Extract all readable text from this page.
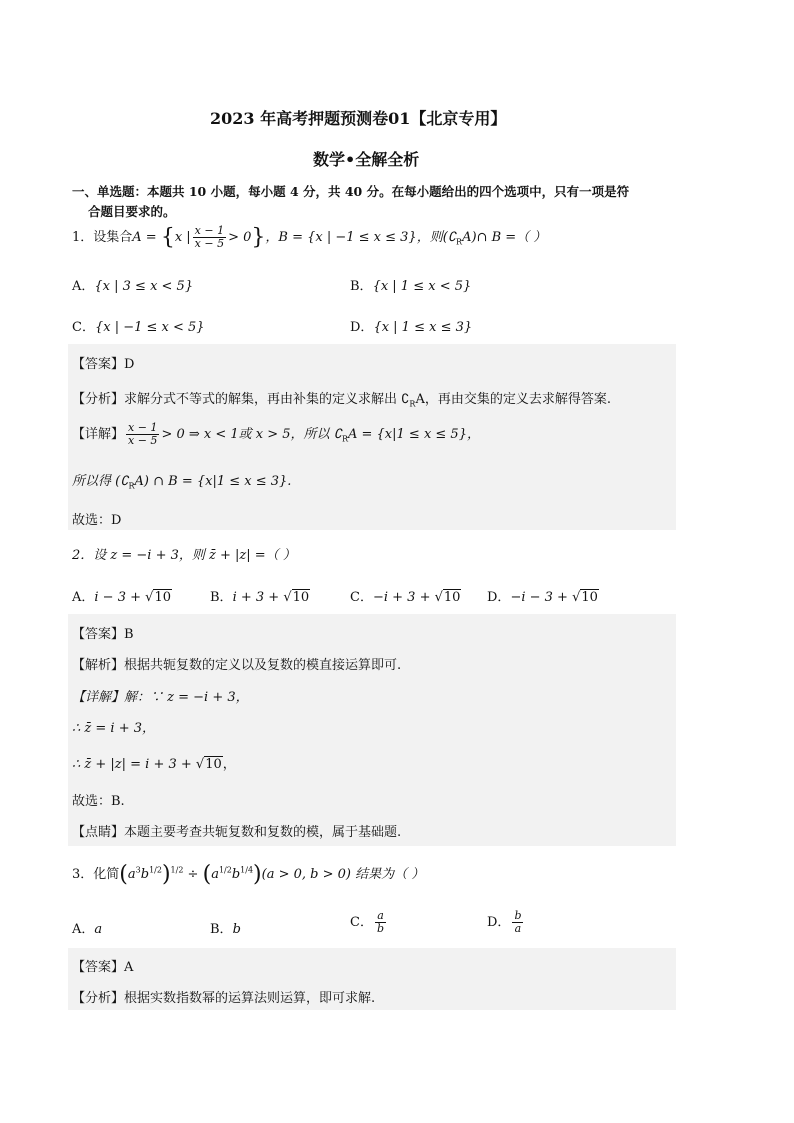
2023 年高考押题预测卷01【北京专用】
数学•全解全析
一、单选题：本题共 10 小题，每小题 4 分，共 40 分。在每小题给出的四个选项中，只有一项是符
合题目要求的。
1．设集合A = {x | $\frac{x - 1}{x - 5} > 0$}，B = {x | −1 ≤ x ≤ 3}，则$(∁_RA)\cap$ B =（ ）
A．{x | 3 ≤ x < 5}	B．{x | 1 ≤ x < 5}
C．{x | −1 ≤ x < 5}	D．{x | 1 ≤ x ≤ 3}
【答案】D
【分析】求解分式不等式的解集，再由补集的定义求解出 $∁_RA$，再由交集的定义去求解得答案.
【详解】 $\frac{x - 1}{x - 5} > 0$ ⇒ x < 1或 x > 5，所以 $∁_RA = \{x|1 \le x \le 5\}$，
所以得 $(∁_RA)$ ∩ B = {x|1 ≤ x ≤ 3}.
故选：D
2．设 z = −i + 3，则 z̄ + |z| =（ ）
A．i − 3 + √10	B．i + 3 + √10	C．−i + 3 + √10 D．−i − 3 + √10
【答案】B
【解析】根据共轭复数的定义以及复数的模直接运算即可.
【详解】解：∵ z = −i + 3，
∴ z̄ = i + 3，
∴ z̄ + |z| = i + 3 + √10，
故选：B.
【点睛】本题主要考查共轭复数和复数的模，属于基础题.
3．化简$(a^3b^{1/2})^{1/2} \div (a^{1/2}b^{1/4})(a > 0$, b > 0) 结果为（ ）
A．a	B．b	C． $\frac{a}{b}$	D． $\frac{b}{a}$
【答案】A
【分析】根据实数指数幂的运算法则运算，即可求解.
